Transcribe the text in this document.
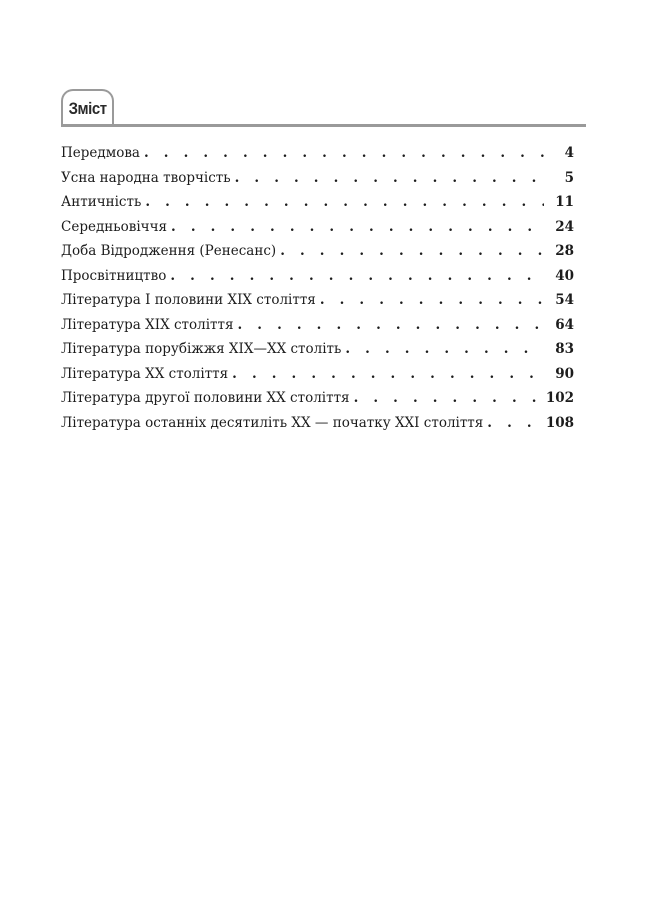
Зміст
Передмова . . .	4
Усна народна творчість . . .	5
Античність . . .	11
Середньовіччя . . .	24
Доба Відродження (Ренесанс) . . .	28
Просвітництво . . .	40
Література І половини XIX століття . . .	54
Література XIX століття . . .	64
Література порубіжжя XIX—XX століть . . .	83
Література XX століття . . .	90
Література другої половини XX століття . . .	102
Література останніх десятиліть XX — початку XXI століття . . .	108
